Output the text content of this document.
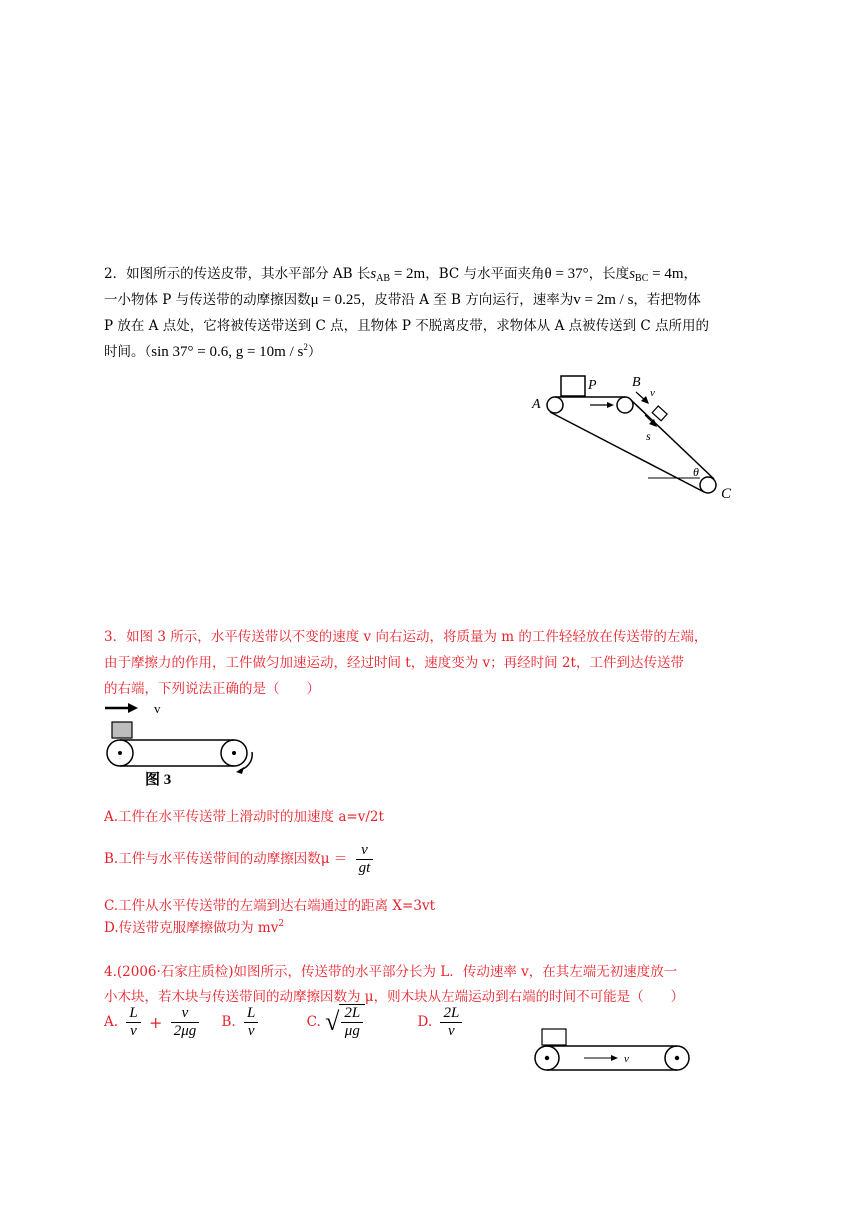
2．如图所示的传送皮带，其水平部分 AB 长$s_{AB} = 2m$，BC 与水平面夹角θ = 37°，长度$s_{BC} = 4m$，
一小物体 P 与传送带的动摩擦因数μ = 0.25，皮带沿 A 至 B 方向运行，速率为v = 2m / s，若把物体
P 放在 A 点处，它将被传送带送到 C 点，且物体 P 不脱离皮带，求物体从 A 点被传送到 C 点所用的
时间。（sin 37° = 0.6, $g = 10m / s^2$）
A
P	B
v
s
θ
C
3．如图 3 所示，水平传送带以不变的速度 v 向右运动，将质量为 m 的工件轻轻放在传送带的左端，
由于摩擦力的作用，工件做匀加速运动，经过时间 t，速度变为 v；再经时间 2t，工件到达传送带
的右端，下列说法正确的是（　　）
v
图 3
A.工件在水平传送带上滑动时的加速度 a=v/2t
B.工件与水平传送带间的动摩擦因数$\mu = \frac{v}{gt}$
C.工件从水平传送带的左端到达右端通过的距离 X=3vt
D.传送带克服摩擦做功为 $mv^2$
4.(2006·石家庄质检)如图所示，传送带的水平部分长为 L．传动速率 v，在其左端无初速度放一
小木块，若木块与传送带间的动摩擦因数为 μ，则木块从左端运动到右端的时间不可能是（　　）
A. $\frac{L}{v} + \frac{v}{2\mu g} B$. $\frac{L}{v}$	C. √ $\frac{2L}{\mu g}$	D. $\frac{2L}{v}$
v
